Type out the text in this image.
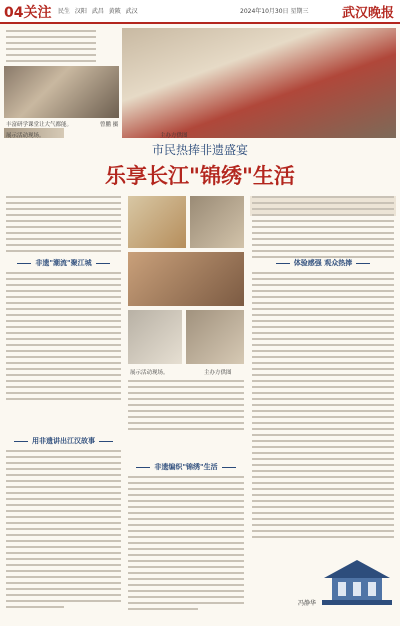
04关注 民生 汉阳 武昌 黄陂 武汉	2024年10月30日 星期三	武汉晚报
丰富研学课堂让大气都能。	曾鹏 摄
展示活动现场。	主办方供图
市民热捧非遗盛宴
乐享长江"锦绣"生活
非遗"潮流"聚江城
用非遗讲出江汉故事
展示活动现场。	主办方供图
非遗编织"锦绣"生活
体验感强 观众热捧
冯静华
